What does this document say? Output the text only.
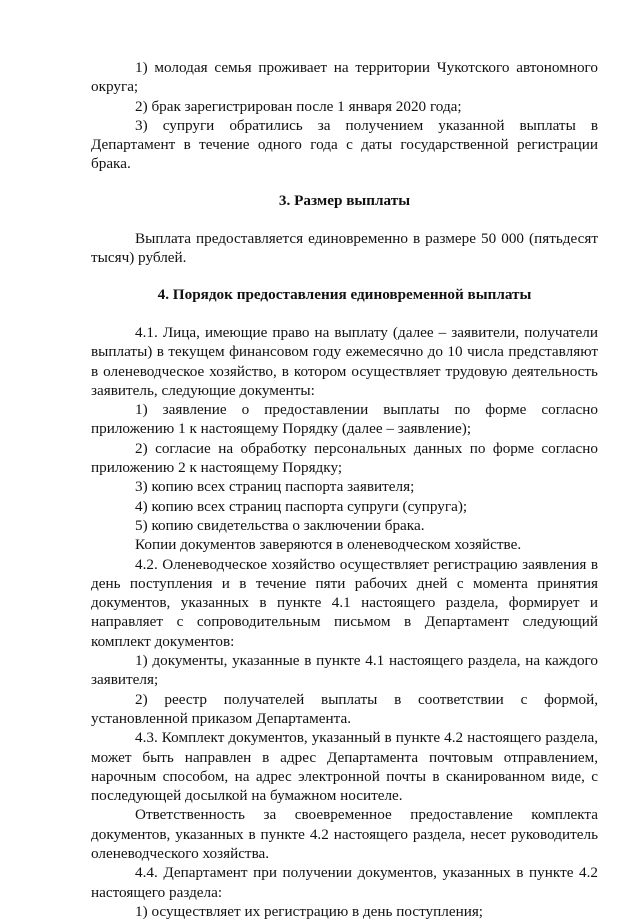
1) молодая семья проживает на территории Чукотского автономного округа;

2) брак зарегистрирован после 1 января 2020 года;

3) супруги обратились за получением указанной выплаты в Департамент в течение одного года с даты государственной регистрации брака.

3. Размер выплаты

Выплата предоставляется единовременно в размере 50 000 (пятьдесят тысяч) рублей.

4. Порядок предоставления единовременной выплаты

4.1. Лица, имеющие право на выплату (далее – заявители, получатели выплаты) в текущем финансовом году ежемесячно до 10 числа представляют в оленеводческое хозяйство, в котором осуществляет трудовую деятельность заявитель, следующие документы:

1) заявление о предоставлении выплаты по форме согласно приложению 1 к настоящему Порядку (далее – заявление);

2) согласие на обработку персональных данных по форме согласно приложению 2 к настоящему Порядку;

3) копию всех страниц паспорта заявителя;

4) копию всех страниц паспорта супруги (супруга);

5) копию свидетельства о заключении брака.

Копии документов заверяются в оленеводческом хозяйстве.

4.2. Оленеводческое хозяйство осуществляет регистрацию заявления в день поступления и в течение пяти рабочих дней с момента принятия документов, указанных в пункте 4.1 настоящего раздела, формирует и направляет с сопроводительным письмом в Департамент следующий комплект документов:

1) документы, указанные в пункте 4.1 настоящего раздела, на каждого заявителя;

2) реестр получателей выплаты в соответствии с формой, установленной приказом Департамента.

4.3. Комплект документов, указанный в пункте 4.2 настоящего раздела, может быть направлен в адрес Департамента почтовым отправлением, нарочным способом, на адрес электронной почты в сканированном виде, с последующей досылкой на бумажном носителе.

Ответственность за своевременное предоставление комплекта документов, указанных в пункте 4.2 настоящего раздела, несет руководитель оленеводческого хозяйства.

4.4. Департамент при получении документов, указанных в пункте 4.2 настоящего раздела:

1) осуществляет их регистрацию в день поступления;
